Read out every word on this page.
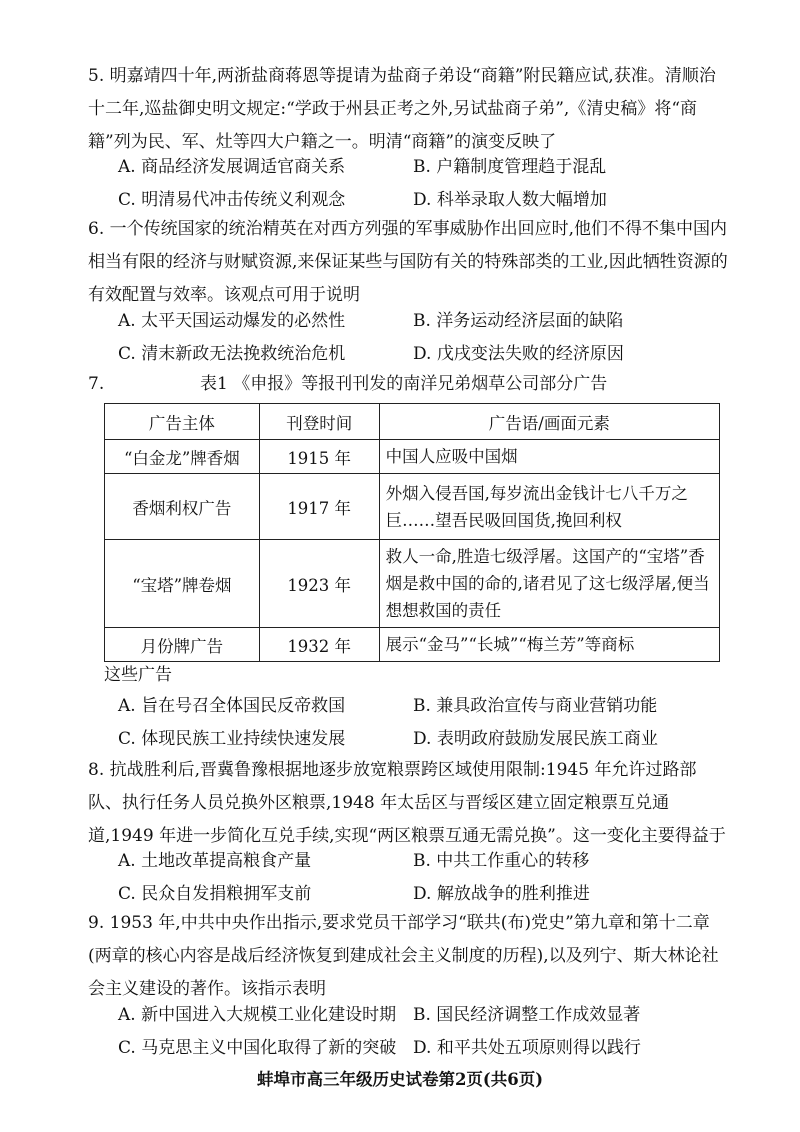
5. 明嘉靖四十年,两浙盐商蒋恩等提请为盐商子弟设“商籍”附民籍应试,获准。清顺治十二年,巡盐御史明文规定:“学政于州县正考之外,另试盐商子弟”,《清史稿》将“商籍”列为民、军、灶等四大户籍之一。明清“商籍”的演变反映了
A. 商品经济发展调适官商关系	B. 户籍制度管理趋于混乱
C. 明清易代冲击传统义利观念	D. 科举录取人数大幅增加
6. 一个传统国家的统治精英在对西方列强的军事威胁作出回应时,他们不得不集中国内相当有限的经济与财赋资源,来保证某些与国防有关的特殊部类的工业,因此牺牲资源的有效配置与效率。该观点可用于说明
A. 太平天国运动爆发的必然性	B. 洋务运动经济层面的缺陷
C. 清末新政无法挽救统治危机	D. 戊戌变法失败的经济原因
7.	表1 《申报》等报刊刊发的南洋兄弟烟草公司部分广告
广告主体	刊登时间	广告语/画面元素
“白金龙”牌香烟	1915 年	中国人应吸中国烟
香烟利权广告	1917 年	外烟入侵吾国,每岁流出金钱计七八千万之巨……望吾民吸回国货,挽回利权
“宝塔”牌卷烟	1923 年	救人一命,胜造七级浮屠。这国产的“宝塔”香烟是救中国的命的,诸君见了这七级浮屠,便当想想救国的责任
月份牌广告	1932 年	展示“金马”“长城”“梅兰芳”等商标
这些广告
A. 旨在号召全体国民反帝救国	B. 兼具政治宣传与商业营销功能
C. 体现民族工业持续快速发展	D. 表明政府鼓励发展民族工商业
8. 抗战胜利后,晋冀鲁豫根据地逐步放宽粮票跨区域使用限制:1945 年允许过路部队、执行任务人员兑换外区粮票,1948 年太岳区与晋绥区建立固定粮票互兑通道,1949 年进一步简化互兑手续,实现“两区粮票互通无需兑换”。这一变化主要得益于
A. 土地改革提高粮食产量	B. 中共工作重心的转移
C. 民众自发捐粮拥军支前	D. 解放战争的胜利推进
9. 1953 年,中共中央作出指示,要求党员干部学习“联共(布)党史”第九章和第十二章(两章的核心内容是战后经济恢复到建成社会主义制度的历程),以及列宁、斯大林论社会主义建设的著作。该指示表明
A. 新中国进入大规模工业化建设时期 B. 国民经济调整工作成效显著
C. 马克思主义中国化取得了新的突破 D. 和平共处五项原则得以践行
蚌埠市高三年级历史试卷第2页(共6页)
